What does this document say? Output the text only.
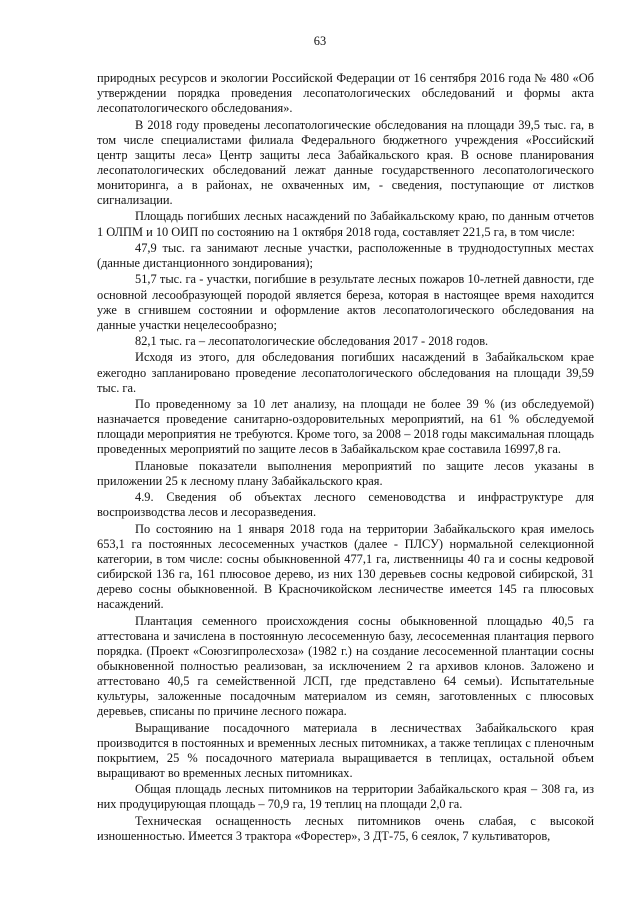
63

природных ресурсов и экологии Российской Федерации от 16 сентября 2016 года № 480 «Об утверждении порядка проведения лесопатологических обследований и формы акта лесопатологического обследования».

В 2018 году проведены лесопатологические обследования на площади 39,5 тыс. га, в том числе специалистами филиала Федерального бюджетного учреждения «Российский центр защиты леса» Центр защиты леса Забайкальского края. В основе планирования лесопатологических обследований лежат данные государственного лесопатологического мониторинга, а в районах, не охваченных им, - сведения, поступающие от листков сигнализации.

Площадь погибших лесных насаждений по Забайкальскому краю, по данным отчетов 1 ОЛПМ и 10 ОИП по состоянию на 1 октября 2018 года, составляет 221,5 га, в том числе:

47,9 тыс. га занимают лесные участки, расположенные в труднодоступных местах (данные дистанционного зондирования);

51,7 тыс. га - участки, погибшие в результате лесных пожаров 10-летней давности, где основной лесообразующей породой является береза, которая в настоящее время находится уже в сгнившем состоянии и оформление актов лесопатологического обследования на данные участки нецелесообразно;

82,1 тыс. га – лесопатологические обследования 2017 - 2018 годов.

Исходя из этого, для обследования погибших насаждений в Забайкальском крае ежегодно запланировано проведение лесопатологического обследования на площади 39,59 тыс. га.

По проведенному за 10 лет анализу, на площади не более 39 % (из обследуемой) назначается проведение санитарно-оздоровительных мероприятий, на 61 % обследуемой площади мероприятия не требуются. Кроме того, за 2008 – 2018 годы максимальная площадь проведенных мероприятий по защите лесов в Забайкальском крае составила 16997,8 га.

Плановые показатели выполнения мероприятий по защите лесов указаны в приложении 25 к лесному плану Забайкальского края.

4.9. Сведения об объектах лесного семеноводства и инфраструктуре для воспроизводства лесов и лесоразведения.

По состоянию на 1 января 2018 года на территории Забайкальского края имелось 653,1 га постоянных лесосеменных участков (далее - ПЛСУ) нормальной селекционной категории, в том числе: сосны обыкновенной 477,1 га, лиственницы 40 га и сосны кедровой сибирской 136 га, 161 плюсовое дерево, из них 130 деревьев сосны кедровой сибирской, 31 дерево сосны обыкновенной. В Красночикойском лесничестве имеется 145 га плюсовых насаждений.

Плантация семенного происхождения сосны обыкновенной площадью 40,5 га аттестована и зачислена в постоянную лесосеменную базу, лесосеменная плантация первого порядка. (Проект «Союзгипролесхоза» (1982 г.) на создание лесосеменной плантации сосны обыкновенной полностью реализован, за исключением 2 га архивов клонов. Заложено и аттестовано 40,5 га семейственной ЛСП, где представлено 64 семьи). Испытательные культуры, заложенные посадочным материалом из семян, заготовленных с плюсовых деревьев, списаны по причине лесного пожара.

Выращивание посадочного материала в лесничествах Забайкальского края производится в постоянных и временных лесных питомниках, а также теплицах с пленочным покрытием, 25 % посадочного материала выращивается в теплицах, остальной объем выращивают во временных лесных питомниках.

Общая площадь лесных питомников на территории Забайкальского края – 308 га, из них продуцирующая площадь – 70,9 га, 19 теплиц на площади 2,0 га.

Техническая оснащенность лесных питомников очень слабая, с высокой изношенностью. Имеется 3 трактора «Форестер», 3 ДТ-75, 6 сеялок, 7 культиваторов,
